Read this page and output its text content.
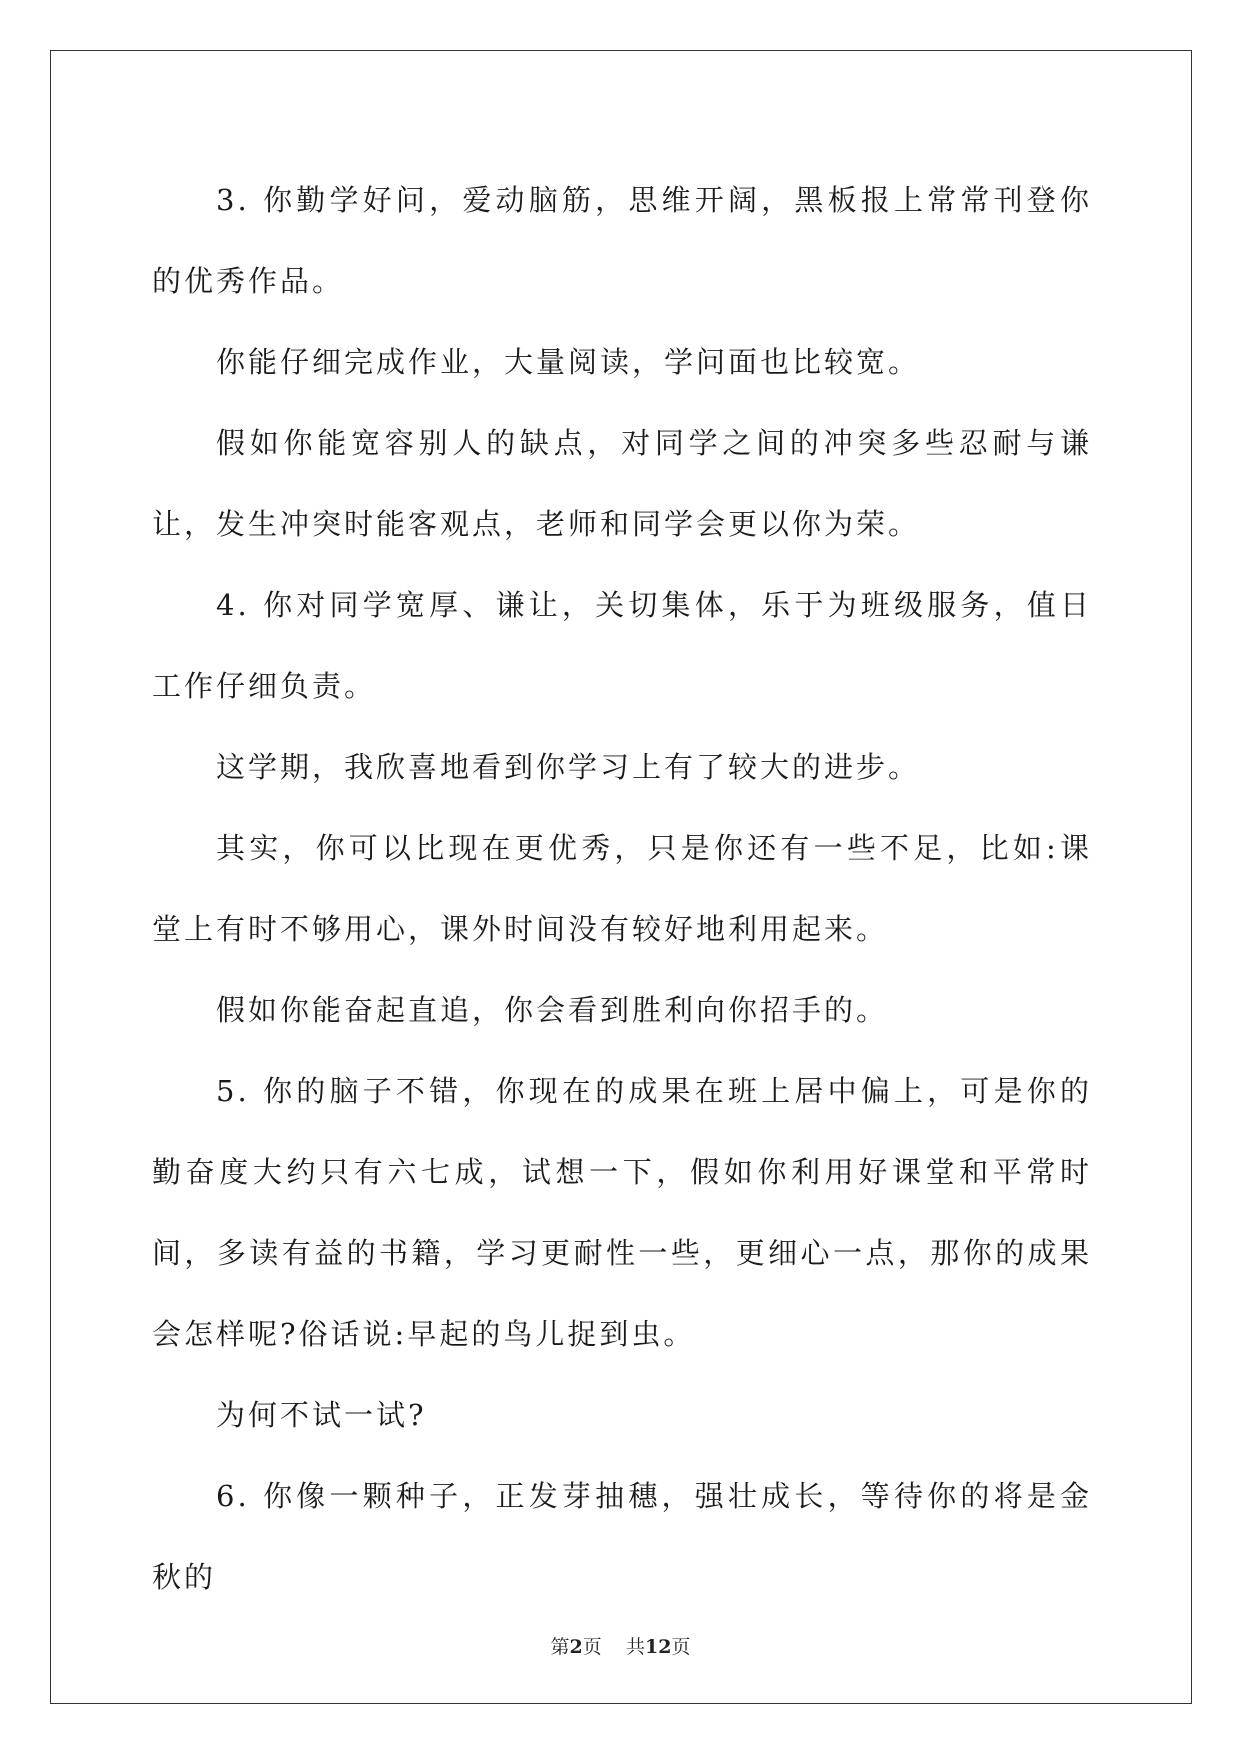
3. 你勤学好问，爱动脑筋，思维开阔，黑板报上常常刊登你的优秀作品。

你能仔细完成作业，大量阅读，学问面也比较宽。

假如你能宽容别人的缺点，对同学之间的冲突多些忍耐与谦让，发生冲突时能客观点，老师和同学会更以你为荣。

4. 你对同学宽厚、谦让，关切集体，乐于为班级服务，值日工作仔细负责。

这学期，我欣喜地看到你学习上有了较大的进步。

其实，你可以比现在更优秀，只是你还有一些不足，比如:课堂上有时不够用心，课外时间没有较好地利用起来。

假如你能奋起直追，你会看到胜利向你招手的。

5. 你的脑子不错，你现在的成果在班上居中偏上，可是你的勤奋度大约只有六七成，试想一下，假如你利用好课堂和平常时间，多读有益的书籍，学习更耐性一些，更细心一点，那你的成果会怎样呢?俗话说:早起的鸟儿捉到虫。

为何不试一试?

6. 你像一颗种子，正发芽抽穗，强壮成长，等待你的将是金秋的

第2页 共12页
